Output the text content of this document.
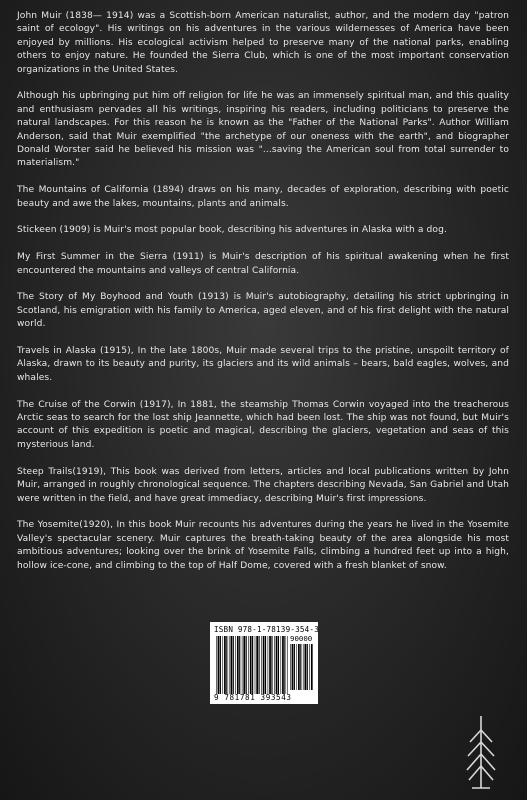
John Muir (1838— 1914) was a Scottish-born American naturalist, author, and the modern day "patron saint of ecology". His writings on his adventures in the various wildernesses of America have been enjoyed by millions. His ecological activism helped to preserve many of the national parks, enabling others to enjoy nature. He founded the Sierra Club, which is one of the most important conservation organizations in the United States.

Although his upbringing put him off religion for life he was an immensely spiritual man, and this quality and enthusiasm pervades all his writings, inspiring his readers, including politicians to preserve the natural landscapes. For this reason he is known as the "Father of the National Parks". Author William Anderson, said that Muir exemplified "the archetype of our oneness with the earth", and biographer Donald Worster said he believed his mission was "...saving the American soul from total surrender to materialism."

The Mountains of California (1894) draws on his many, decades of exploration, describing with poetic beauty and awe the lakes, mountains, plants and animals.

Stickeen (1909) is Muir's most popular book, describing his adventures in Alaska with a dog.

My First Summer in the Sierra (1911) is Muir's description of his spiritual awakening when he first encountered the mountains and valleys of central California.

The Story of My Boyhood and Youth (1913) is Muir's autobiography, detailing his strict upbringing in Scotland, his emigration with his family to America, aged eleven, and of his first delight with the natural world.

Travels in Alaska (1915), In the late 1800s, Muir made several trips to the pristine, unspoilt territory of Alaska, drawn to its beauty and purity, its glaciers and its wild animals – bears, bald eagles, wolves, and whales.

The Cruise of the Corwin (1917), In 1881, the steamship Thomas Corwin voyaged into the treacherous Arctic seas to search for the lost ship Jeannette, which had been lost. The ship was not found, but Muir's account of this expedition is poetic and magical, describing the glaciers, vegetation and seas of this mysterious land.

Steep Trails(1919), This book was derived from letters, articles and local publications written by John Muir, arranged in roughly chronological sequence. The chapters describing Nevada, San Gabriel and Utah were written in the field, and have great immediacy, describing Muir's first impressions.

The Yosemite(1920), In this book Muir recounts his adventures during the years he lived in the Yosemite Valley's spectacular scenery. Muir captures the breath-taking beauty of the area alongside his most ambitious adventures; looking over the brink of Yosemite Falls, climbing a hundred feet up into a high, hollow ice-cone, and climbing to the top of Half Dome, covered with a fresh blanket of snow.

ISBN 978-1-78139-354-3
90000
9 781781 393543
